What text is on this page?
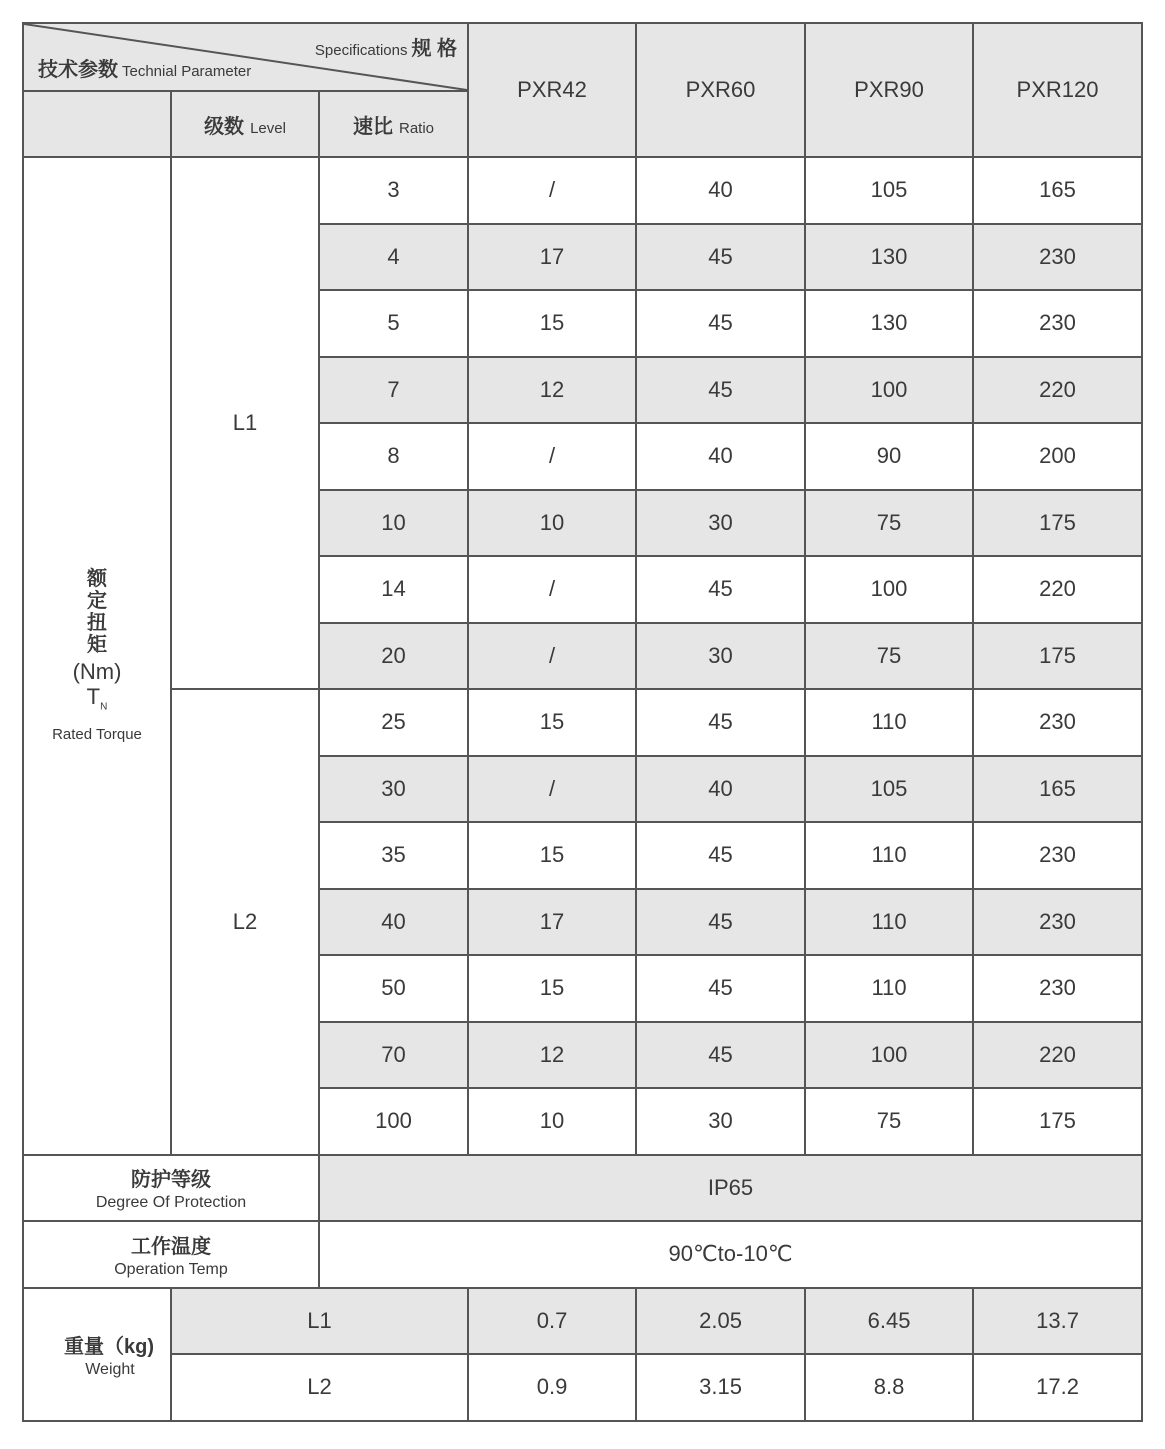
Specifications 规 格
技术参数 Technial Parameter			PXR42	PXR60	PXR90	PXR120
	级数 Level	速比 Ratio				

额定扭矩
(Nm)
$T_N$
Rated Torque	L1	3	/	40	105	165
		4	17	45	130	230
		5	15	45	130	230
		7	12	45	100	220
		8	/	40	90	200
		10	10	30	75	175
		14	/	45	100	220
		20	/	30	75	175
	L2	25	15	45	110	230
		30	/	40	105	165
		35	15	45	110	230
		40	17	45	110	230
		50	15	45	110	230
		70	12	45	100	220
		100	10	30	75	175

防护等级
Degree Of Protection		IP65				

工作温度
Operation Temp		90℃to-10℃				

重量（kg)
Weight	L1		0.7	2.05	6.45	13.7
	L2		0.9	3.15	8.8	17.2
